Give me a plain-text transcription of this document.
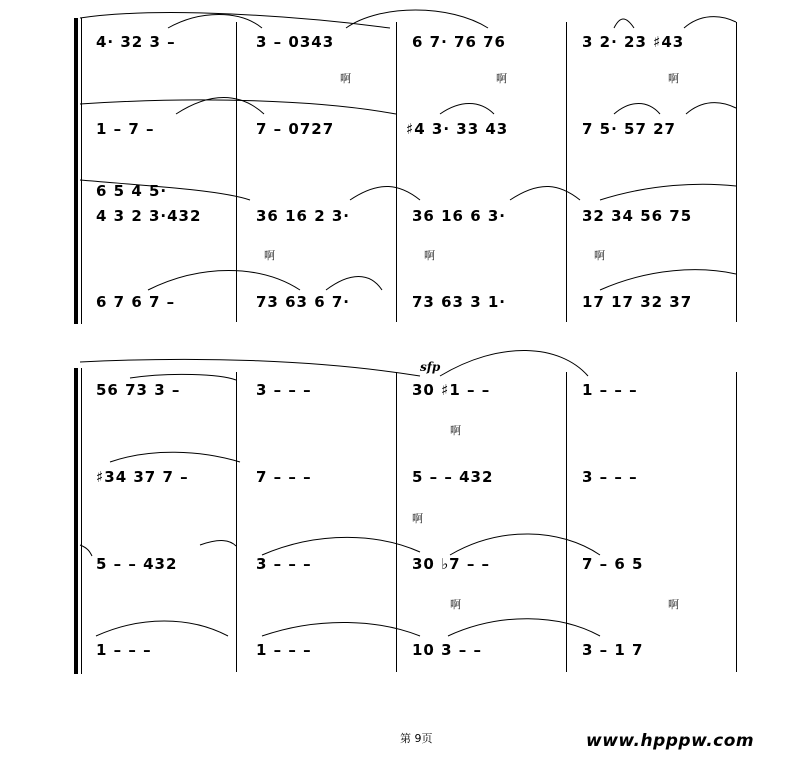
4· 32 3 –	3 – 0343	6 7· 76 76	3 2· 23 ♯43
啊	啊	啊
1 – 7 –	7 – 0727	♯4 3· 33 43	7 5· 57 27
6 5 4 5·
4 3 2 3·432	36 16 2 3·	36 16 6 3·	32 34 56 75
啊	啊	啊
6 7 6 7 –	73 63 6 7·	73 63 3 1·	17 17 32 37
sfp
56 73 3 –	3 – – –	30 ♯1 – –	1 – – –
啊
♯34 37 7 –	7 – – –	5 – – 432	3 – – –
啊
5 – – 432	3 – – –	30 ♭7 – –	7 – 6 5
啊	啊
1 – – –	1 – – –	10 3 – –	3 – 1 7
第 9页	www.hpppw.com
